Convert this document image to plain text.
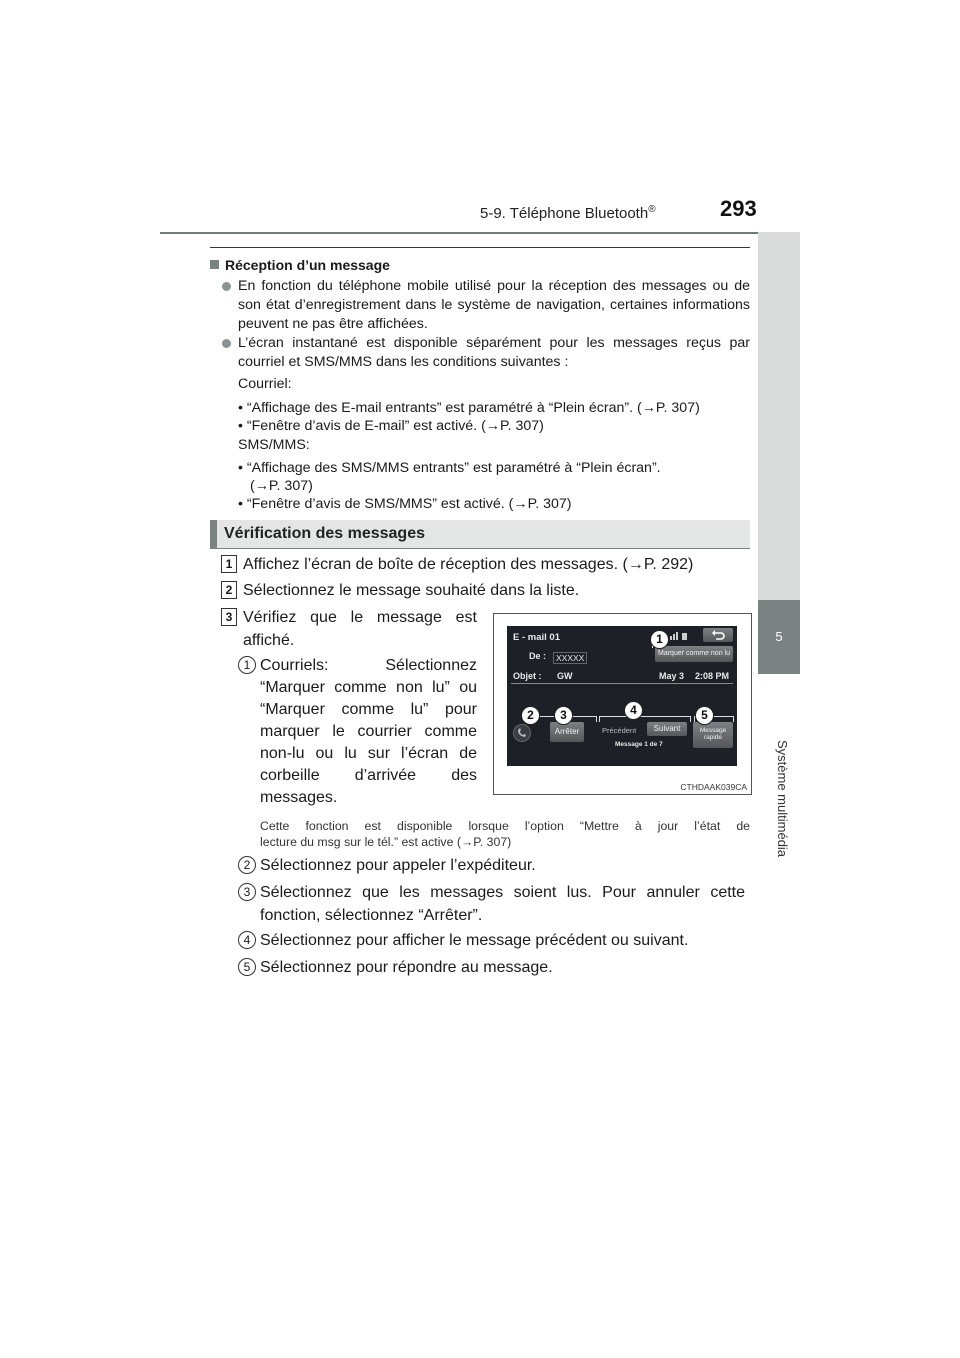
5-9. Téléphone Bluetooth®	293
5
Système multimédia
Réception d’un message
En fonction du téléphone mobile utilisé pour la réception des messages ou de son état d’enregistrement dans le système de navigation, certaines informations peuvent ne pas être affichées.
L’écran instantané est disponible séparément pour les messages reçus par courriel et SMS/MMS dans les conditions suivantes :
Courriel:
• “Affichage des E-mail entrants” est paramétré à “Plein écran”. (→P. 307)
• “Fenêtre d’avis de E-mail” est activé. (→P. 307)
SMS/MMS:
• “Affichage des SMS/MMS entrants” est paramétré à “Plein écran”.
(→P. 307)
• “Fenêtre d’avis de SMS/MMS” est activé. (→P. 307)
Vérification des messages
1 Affichez l’écran de boîte de réception des messages. (→P. 292)
2 Sélectionnez le message souhaité dans la liste.
3 Vérifiez que le message est
affiché.
1 Courriels: Sélectionnez
“Marquer comme non lu” ou
“Marquer comme lu” pour
marquer le courrier comme
non-lu ou lu sur l’écran de
corbeille d’arrivée des
messages.
E - mail 01
De :	XXXXX
Objet : GW	May 3 2:08 PM
Marquer comme non lu
Arrêter	Précédent	Suivant
Message 1 de 7
Message
rapide
1
2	3	4	5
CTHDAAK039CA
Cette fonction est disponible lorsque l’option “Mettre à jour l’état de
lecture du msg sur le tél.” est active (→P. 307)
2 Sélectionnez pour appeler l’expéditeur.
3 Sélectionnez que les messages soient lus. Pour annuler cette
fonction, sélectionnez “Arrêter”.
4 Sélectionnez pour afficher le message précédent ou suivant.
5 Sélectionnez pour répondre au message.
